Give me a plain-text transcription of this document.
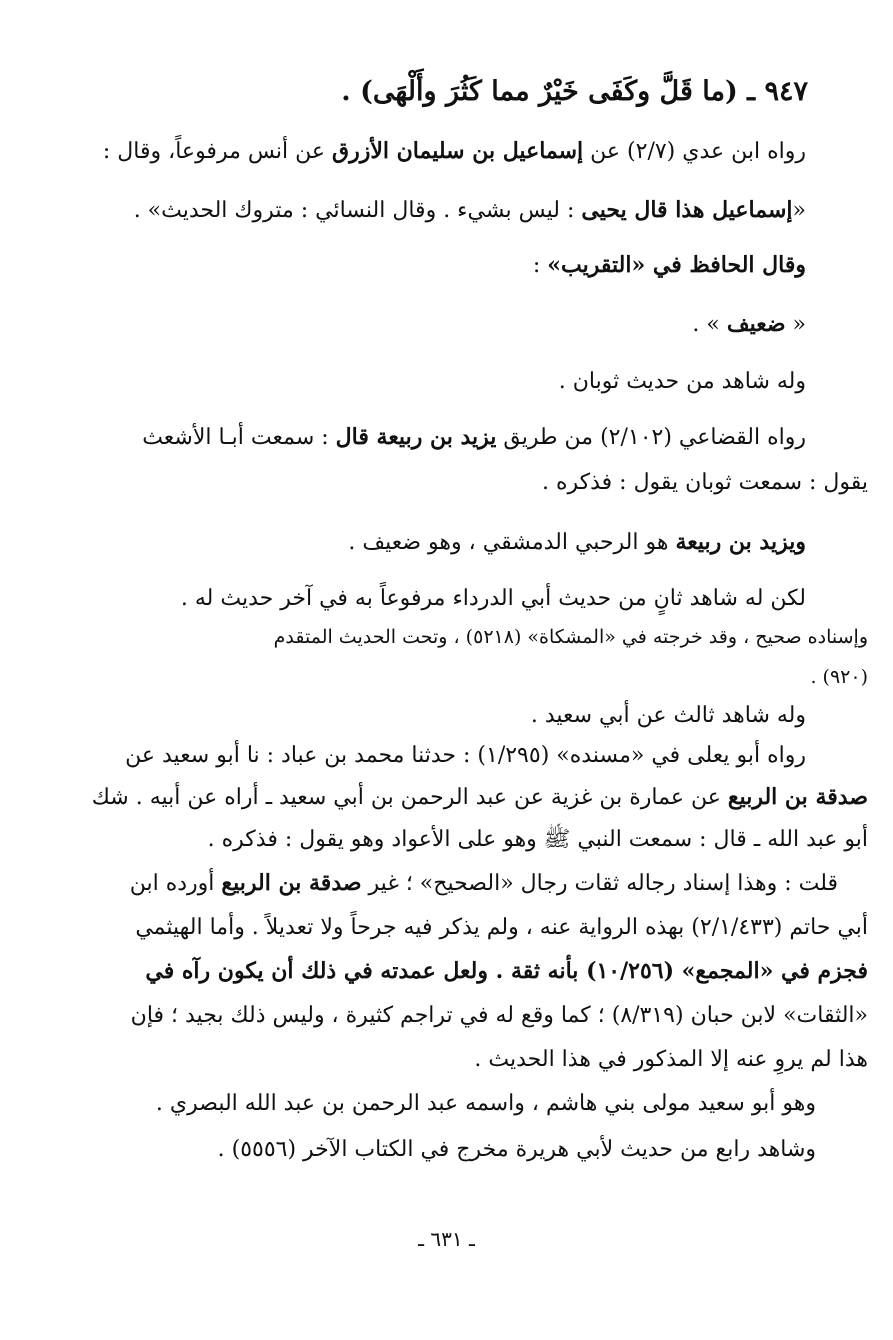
٩٤٧ ـ (ما قَلَّ وكَفَى خَيْرٌ مما كَثُرَ وأَلْهَى) .
رواه ابن عدي (٢/٧) عن إسماعيل بن سليمان الأزرق عن أنس مرفوعاً، وقال :
«إسماعيل هذا قال يحيى : ليس بشيء . وقال النسائي : متروك الحديث» .
وقال الحافظ في «التقريب» :
« ضعيف » .
وله شاهد من حديث ثوبان .
رواه القضاعي (٢/١٠٢) من طريق يزيد بن ربيعة قال : سمعت أبـا الأشعث
يقول : سمعت ثوبان يقول : فذكره .
ويزيد بن ربيعة هو الرحبي الدمشقي ، وهو ضعيف .
لكن له شاهد ثانٍ من حديث أبي الدرداء مرفوعاً به في آخر حديث له .
وإسناده صحيح ، وقد خرجته في «المشكاة» (٥٢١٨) ، وتحت الحديث المتقدم
(٩٢٠) .
وله شاهد ثالث عن أبي سعيد .
رواه أبو يعلى في «مسنده» (١/٢٩٥) : حدثنا محمد بن عباد : نا أبو سعيد عن
صدقة بن الربيع عن عمارة بن غزية عن عبد الرحمن بن أبي سعيد ـ أراه عن أبيه . شك
أبو عبد الله ـ قال : سمعت النبي ﷺ وهو على الأعواد وهو يقول : فذكره .
قلت : وهذا إسناد رجاله ثقات رجال «الصحيح» ؛ غير صدقة بن الربيع أورده ابن
أبي حاتم (٢/١/٤٣٣) بهذه الرواية عنه ، ولم يذكر فيه جرحاً ولا تعديلاً . وأما الهيثمي
فجزم في «المجمع» (١٠/٢٥٦) بأنه ثقة . ولعل عمدته في ذلك أن يكون رآه في
«الثقات» لابن حبان (٨/٣١٩) ؛ كما وقع له في تراجم كثيرة ، وليس ذلك بجيد ؛ فإن
هذا لم يروِ عنه إلا المذكور في هذا الحديث .
وهو أبو سعيد مولى بني هاشم ، واسمه عبد الرحمن بن عبد الله البصري .
وشاهد رابع من حديث لأبي هريرة مخرج في الكتاب الآخر (٥٥٥٦) .
ـ ٦٣١ ـ
